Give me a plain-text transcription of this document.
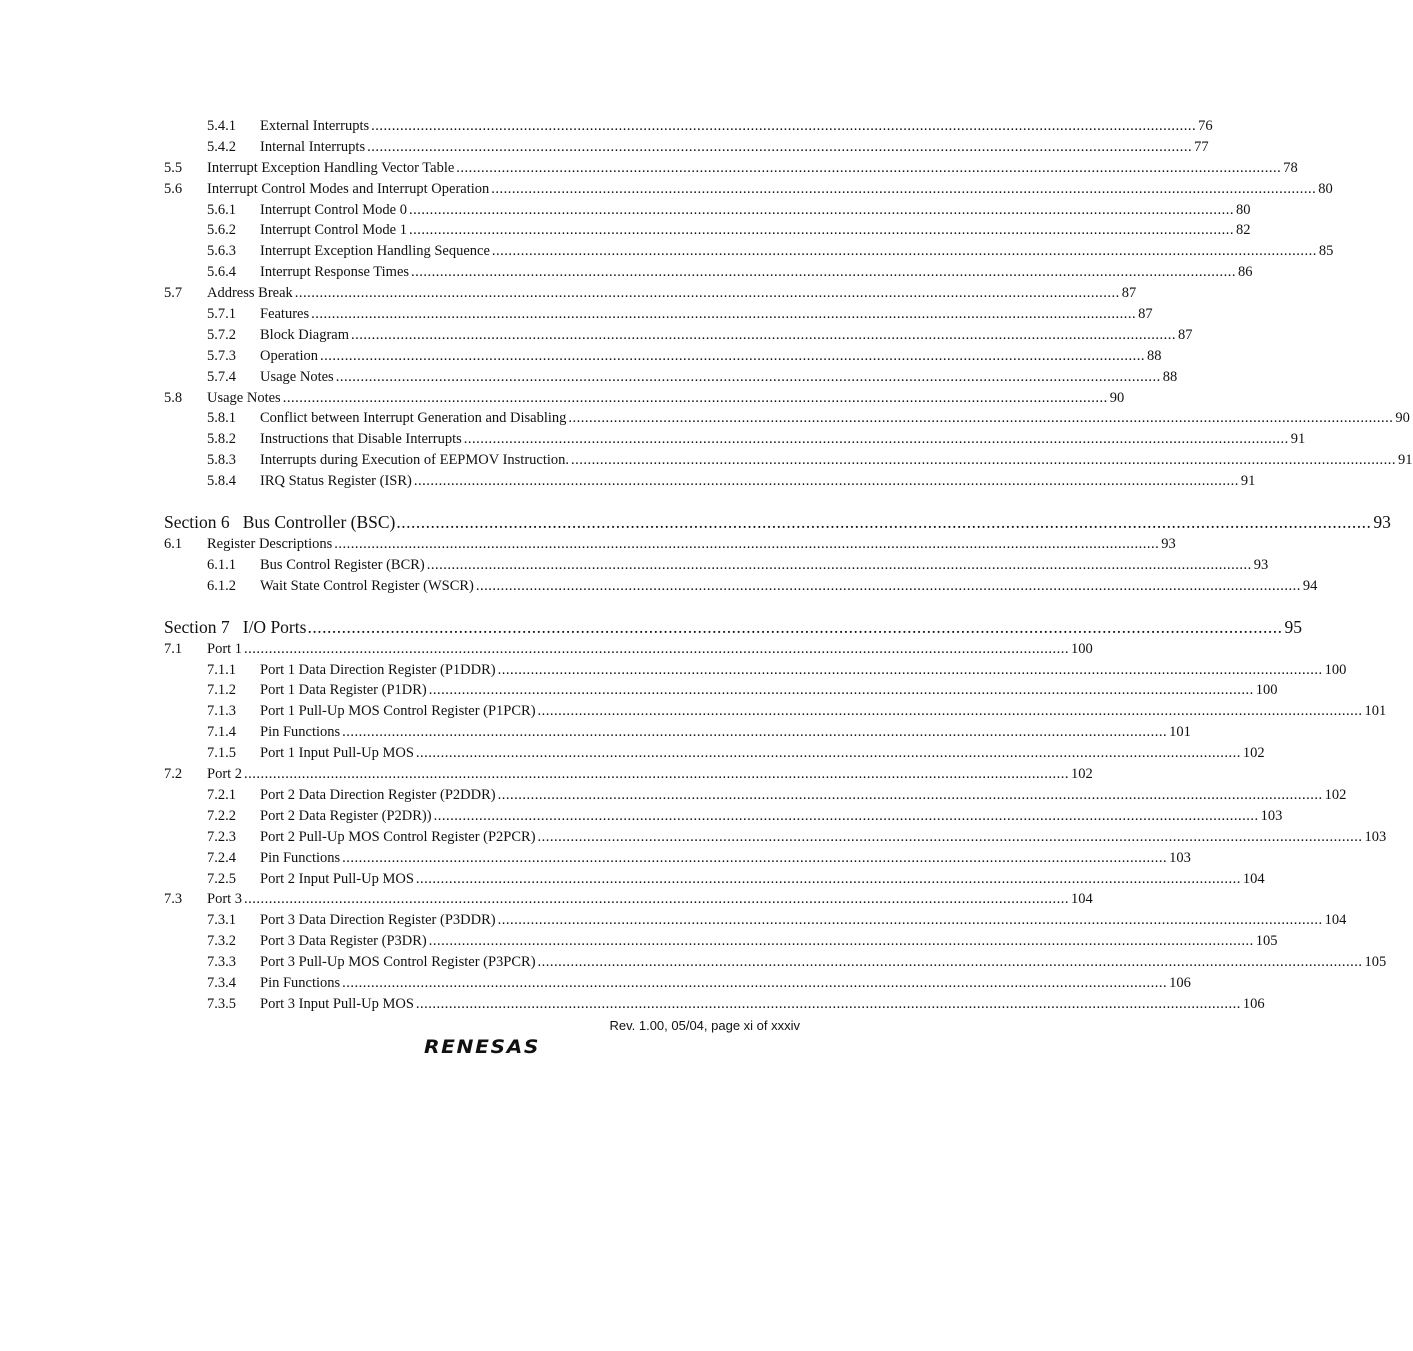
5.4.1 External Interrupts ........................................................................................................................................................................................................ 76
5.4.2 Internal Interrupts ........................................................................................................................................................................................................ 77
5.5 Interrupt Exception Handling Vector Table ........................................................................................................................................................................................................ 78
5.6 Interrupt Control Modes and Interrupt Operation ........................................................................................................................................................................................................ 80
5.6.1 Interrupt Control Mode 0 ........................................................................................................................................................................................................ 80
5.6.2 Interrupt Control Mode 1 ........................................................................................................................................................................................................ 82
5.6.3 Interrupt Exception Handling Sequence ........................................................................................................................................................................................................ 85
5.6.4 Interrupt Response Times ........................................................................................................................................................................................................ 86
5.7 Address Break ........................................................................................................................................................................................................ 87
5.7.1 Features ........................................................................................................................................................................................................ 87
5.7.2 Block Diagram ........................................................................................................................................................................................................ 87
5.7.3 Operation ........................................................................................................................................................................................................ 88
5.7.4 Usage Notes ........................................................................................................................................................................................................ 88
5.8 Usage Notes ........................................................................................................................................................................................................ 90
5.8.1 Conflict between Interrupt Generation and Disabling ........................................................................................................................................................................................................ 90
5.8.2 Instructions that Disable Interrupts ........................................................................................................................................................................................................ 91
5.8.3 Interrupts during Execution of EEPMOV Instruction. ........................................................................................................................................................................................................ 91
5.8.4 IRQ Status Register (ISR) ........................................................................................................................................................................................................ 91
Section 6   Bus Controller (BSC) ........................................................................................................................................................................................................ 93
6.1 Register Descriptions ........................................................................................................................................................................................................ 93
6.1.1 Bus Control Register (BCR) ........................................................................................................................................................................................................ 93
6.1.2 Wait State Control Register (WSCR) ........................................................................................................................................................................................................ 94
Section 7   I/O Ports ........................................................................................................................................................................................................ 95
7.1 Port 1 ........................................................................................................................................................................................................ 100
7.1.1 Port 1 Data Direction Register (P1DDR) ........................................................................................................................................................................................................ 100
7.1.2 Port 1 Data Register (P1DR) ........................................................................................................................................................................................................ 100
7.1.3 Port 1 Pull-Up MOS Control Register (P1PCR) ........................................................................................................................................................................................................ 101
7.1.4 Pin Functions ........................................................................................................................................................................................................ 101
7.1.5 Port 1 Input Pull-Up MOS ........................................................................................................................................................................................................ 102
7.2 Port 2 ........................................................................................................................................................................................................ 102
7.2.1 Port 2 Data Direction Register (P2DDR) ........................................................................................................................................................................................................ 102
7.2.2 Port 2 Data Register (P2DR)) ........................................................................................................................................................................................................ 103
7.2.3 Port 2 Pull-Up MOS Control Register (P2PCR) ........................................................................................................................................................................................................ 103
7.2.4 Pin Functions ........................................................................................................................................................................................................ 103
7.2.5 Port 2 Input Pull-Up MOS ........................................................................................................................................................................................................ 104
7.3 Port 3 ........................................................................................................................................................................................................ 104
7.3.1 Port 3 Data Direction Register (P3DDR) ........................................................................................................................................................................................................ 104
7.3.2 Port 3 Data Register (P3DR) ........................................................................................................................................................................................................ 105
7.3.3 Port 3 Pull-Up MOS Control Register (P3PCR) ........................................................................................................................................................................................................ 105
7.3.4 Pin Functions ........................................................................................................................................................................................................ 106
7.3.5 Port 3 Input Pull-Up MOS ........................................................................................................................................................................................................ 106
Rev. 1.00, 05/04, page xi of xxxiv
RENESAS
